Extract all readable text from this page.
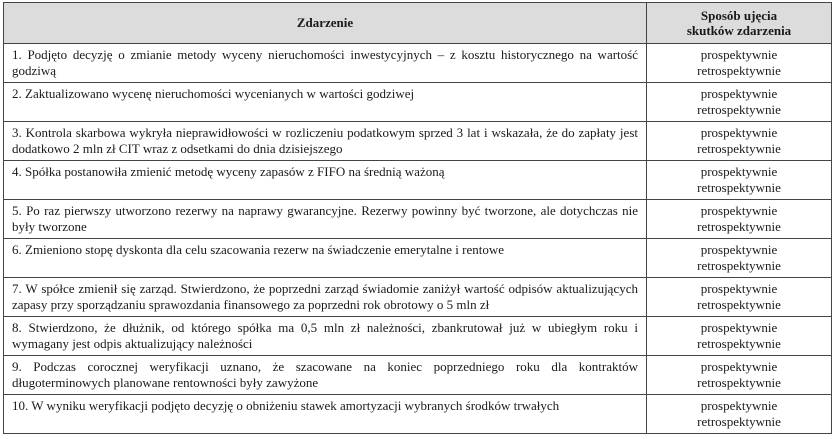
Zdarzenie	Sposób ujęcia
skutków zdarzenia

1. Podjęto decyzję o zmianie metody wyceny nieruchomości inwestycyjnych – z kosztu historycznego na wartość godziwą	prospektywnie
retrospektywnie

2. Zaktualizowano wycenę nieruchomości wycenianych w wartości godziwej	prospektywnie
retrospektywnie

3. Kontrola skarbowa wykryła nieprawidłowości w rozliczeniu podatkowym sprzed 3 lat i wskazała, że do zapłaty jest dodatkowo 2 mln zł CIT wraz z odsetkami do dnia dzisiejszego	prospektywnie
retrospektywnie

4. Spółka postanowiła zmienić metodę wyceny zapasów z FIFO na średnią ważoną	prospektywnie
retrospektywnie

5. Po raz pierwszy utworzono rezerwy na naprawy gwarancyjne. Rezerwy powinny być tworzone, ale dotychczas nie były tworzone	prospektywnie
retrospektywnie

6. Zmieniono stopę dyskonta dla celu szacowania rezerw na świadczenie emerytalne i rentowe	prospektywnie
retrospektywnie

7. W spółce zmienił się zarząd. Stwierdzono, że poprzedni zarząd świadomie zaniżył wartość odpisów aktualizujących zapasy przy sporządzaniu sprawozdania finansowego za poprzedni rok obrotowy o 5 mln zł	prospektywnie
retrospektywnie

8. Stwierdzono, że dłużnik, od którego spółka ma 0,5 mln zł należności, zbankrutował już w ubiegłym roku i wymagany jest odpis aktualizujący należności	prospektywnie
retrospektywnie

9. Podczas corocznej weryfikacji uznano, że szacowane na koniec poprzedniego roku dla kontraktów długoterminowych planowane rentowności były zawyżone	prospektywnie
retrospektywnie

10. W wyniku weryfikacji podjęto decyzję o obniżeniu stawek amortyzacji wybranych środków trwałych	prospektywnie
retrospektywnie
